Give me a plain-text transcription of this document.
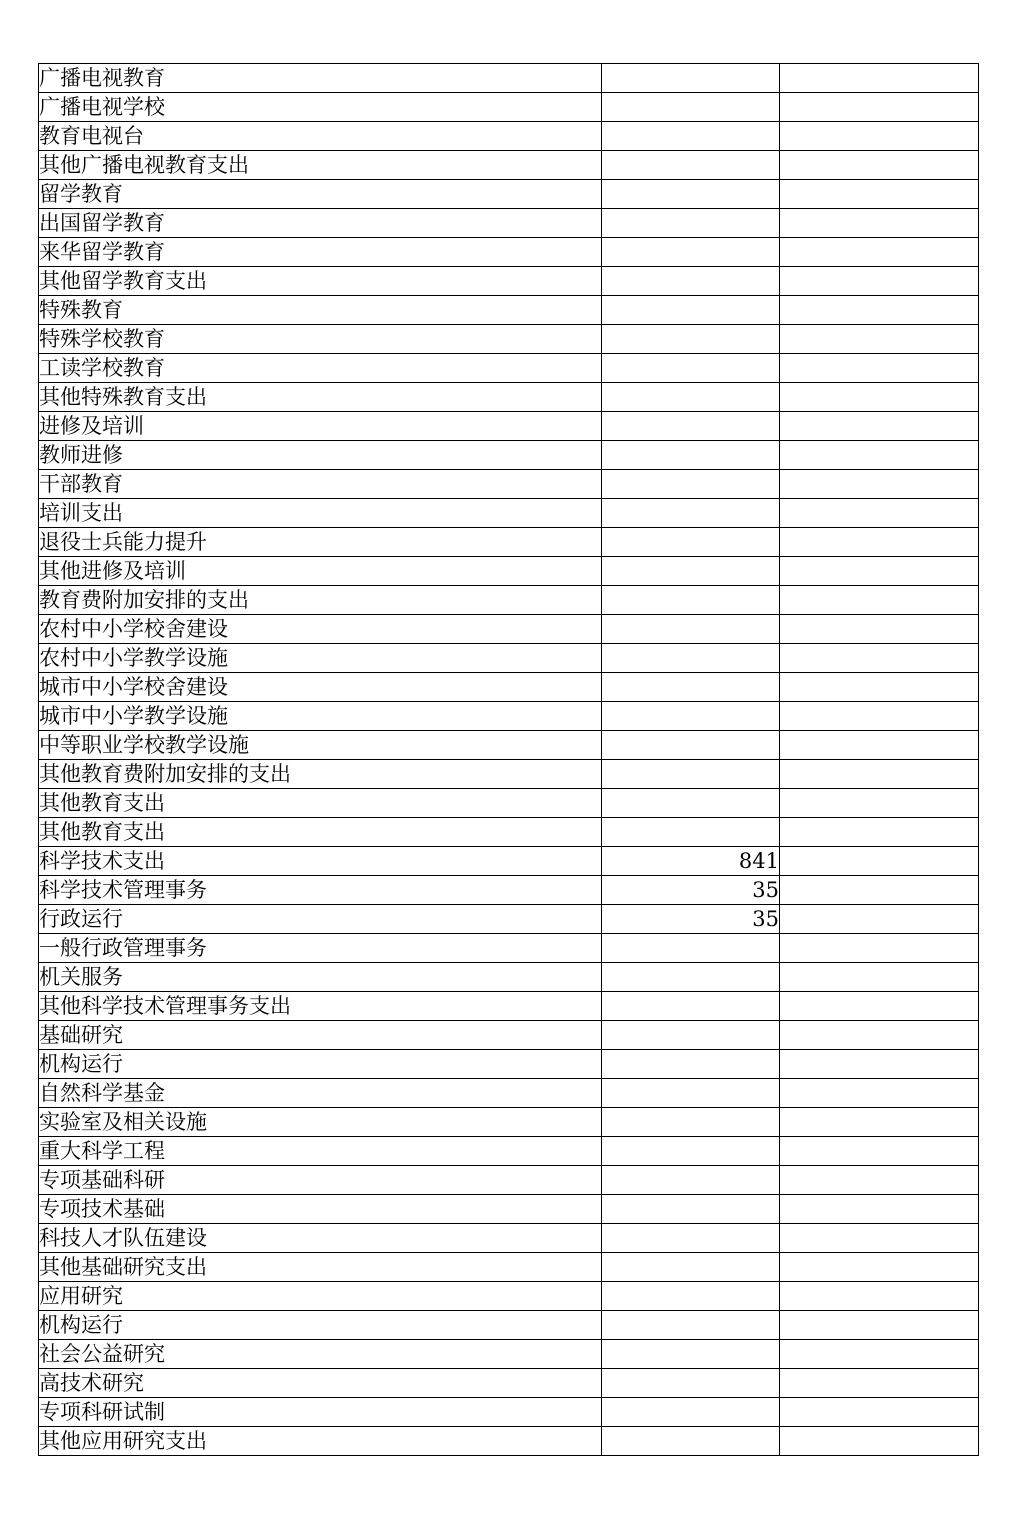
广播电视教育		
广播电视学校		
教育电视台		
其他广播电视教育支出		
留学教育		
出国留学教育		
来华留学教育		
其他留学教育支出		
特殊教育		
特殊学校教育		
工读学校教育		
其他特殊教育支出		
进修及培训		
教师进修		
干部教育		
培训支出		
退役士兵能力提升		
其他进修及培训		
教育费附加安排的支出		
农村中小学校舍建设		
农村中小学教学设施		
城市中小学校舍建设		
城市中小学教学设施		
中等职业学校教学设施		
其他教育费附加安排的支出		
其他教育支出		
其他教育支出		
科学技术支出	841	
科学技术管理事务	35	
行政运行	35	
一般行政管理事务		
机关服务		
其他科学技术管理事务支出		
基础研究		
机构运行		
自然科学基金		
实验室及相关设施		
重大科学工程		
专项基础科研		
专项技术基础		
科技人才队伍建设		
其他基础研究支出		
应用研究		
机构运行		
社会公益研究		
高技术研究		
专项科研试制		
其他应用研究支出		
